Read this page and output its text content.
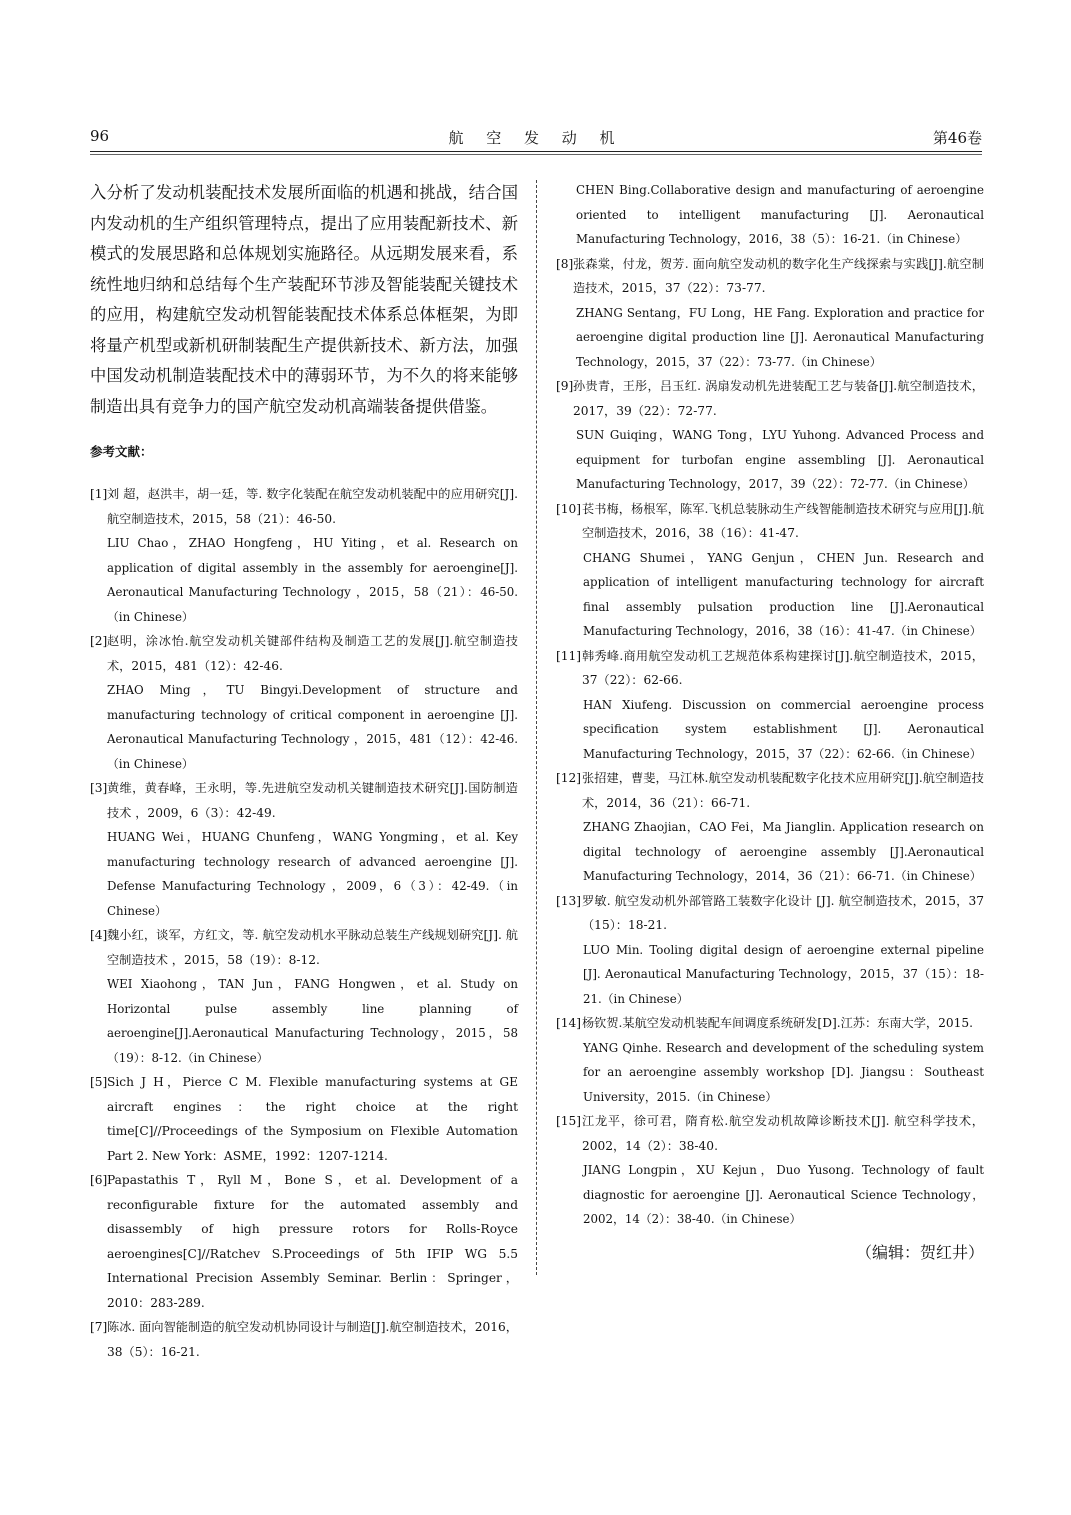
96	航 空 发 动 机	第46卷

入分析了发动机装配技术发展所面临的机遇和挑战，结合国内发动机的生产组织管理特点，提出了应用装配新技术、新模式的发展思路和总体规划实施路径。从远期发展来看，系统性地归纳和总结每个生产装配环节涉及智能装配关键技术的应用，构建航空发动机智能装配技术体系总体框架，为即将量产机型或新机研制装配生产提供新技术、新方法，加强中国发动机制造装配技术中的薄弱环节，为不久的将来能够制造出具有竞争力的国产航空发动机高端装备提供借鉴。

参考文献：
[1] 刘 超，赵洪丰，胡一廷，等. 数字化装配在航空发动机装配中的应用研究[J].航空制造技术，2015，58（21）：46-50.
LIU Chao，ZHAO Hongfeng，HU Yiting，et al. Research on application of digital assembly in the assembly for aeroengine[J]. Aeronautical Manufacturing Technology ，2015，58（21）：46-50.（in Chinese）
[2] 赵明，涂冰怡.航空发动机关键部件结构及制造工艺的发展[J].航空制造技术，2015，481（12）：42-46.
ZHAO Ming，TU Bingyi.Development of structure and manufacturing technology of critical component in aeroengine [J]. Aeronautical Manufacturing Technology ，2015，481（12）：42-46.（in Chinese）
[3] 黄维，黄春峰，王永明，等.先进航空发动机关键制造技术研究[J].国防制造技术 ，2009，6（3）：42-49.
HUANG Wei，HUANG Chunfeng，WANG Yongming，et al. Key manufacturing technology research of advanced aeroengine [J]. Defense Manufacturing Technology ，2009，6（3）：42-49.（in Chinese）
[4] 魏小红，谈军，方红文，等. 航空发动机水平脉动总装生产线规划研究[J]. 航空制造技术 ，2015，58（19）：8-12.
WEI Xiaohong，TAN Jun，FANG Hongwen，et al. Study on Horizontal pulse assembly line planning of aeroengine[J].Aeronautical Manufacturing Technology，2015，58（19）：8-12.（in Chinese）
[5] Sich J H，Pierce C M. Flexible manufacturing systems at GE aircraft engines：the right choice at the right time[C]//Proceedings of the Symposium on Flexible Automation Part 2. New York：ASME，1992：1207-1214.
[6] Papastathis T，Ryll M，Bone S，et al. Development of a reconfigurable fixture for the automated assembly and disassembly of high pressure rotors for Rolls-Royce aeroengines[C]//Ratchev S.Proceedings of 5th IFIP WG 5.5 International Precision Assembly Seminar. Berlin：Springer，2010：283-289.
[7] 陈冰. 面向智能制造的航空发动机协同设计与制造[J].航空制造技术，2016，38（5）：16-21.
CHEN Bing.Collaborative design and manufacturing of aeroengine oriented to intelligent manufacturing [J]. Aeronautical Manufacturing Technology，2016，38（5）：16-21.（in Chinese）
[8] 张森棠，付龙，贺芳. 面向航空发动机的数字化生产线探索与实践[J].航空制造技术，2015，37（22）：73-77.
ZHANG Sentang，FU Long，HE Fang. Exploration and practice for aeroengine digital production line [J]. Aeronautical Manufacturing Technology，2015，37（22）：73-77.（in Chinese）
[9] 孙贵青，王彤，吕玉红. 涡扇发动机先进装配工艺与装备[J].航空制造技术，2017，39（22）：72-77.
SUN Guiqing，WANG Tong，LYU Yuhong. Advanced Process and equipment for turbofan engine assembling [J]. Aeronautical Manufacturing Technology，2017，39（22）：72-77.（in Chinese）
[10] 苌书梅，杨根军，陈军.飞机总装脉动生产线智能制造技术研究与应用[J].航空制造技术，2016，38（16）：41-47.
CHANG Shumei，YANG Genjun，CHEN Jun. Research and application of intelligent manufacturing technology for aircraft final assembly pulsation production line [J].Aeronautical Manufacturing Technology，2016，38（16）：41-47.（in Chinese）
[11] 韩秀峰.商用航空发动机工艺规范体系构建探讨[J].航空制造技术，2015，37（22）：62-66.
HAN Xiufeng. Discussion on commercial aeroengine process specification system establishment [J]. Aeronautical Manufacturing Technology，2015，37（22）：62-66.（in Chinese）
[12] 张招建，曹斐，马江林.航空发动机装配数字化技术应用研究[J].航空制造技术，2014，36（21）：66-71.
ZHANG Zhaojian，CAO Fei，Ma Jianglin. Application research on digital technology of aeroengine assembly [J].Aeronautical Manufacturing Technology，2014，36（21）：66-71.（in Chinese）
[13] 罗敏. 航空发动机外部管路工装数字化设计 [J]. 航空制造技术，2015，37（15）：18-21.
LUO Min. Tooling digital design of aeroengine external pipeline [J]. Aeronautical Manufacturing Technology，2015，37（15）：18-21.（in Chinese）
[14] 杨钦贺.某航空发动机装配车间调度系统研发[D].江苏：东南大学，2015.
YANG Qinhe. Research and development of the scheduling system for an aeroengine assembly workshop [D]. Jiangsu：Southeast University，2015.（in Chinese）
[15] 江龙平，徐可君，隋育松.航空发动机故障诊断技术[J]. 航空科学技术，2002，14（2）：38-40.
JIANG Longpin，XU Kejun，Duo Yusong. Technology of fault diagnostic for aeroengine [J]. Aeronautical Science Technology，2002，14（2）：38-40.（in Chinese）
（编辑：贺红井）
